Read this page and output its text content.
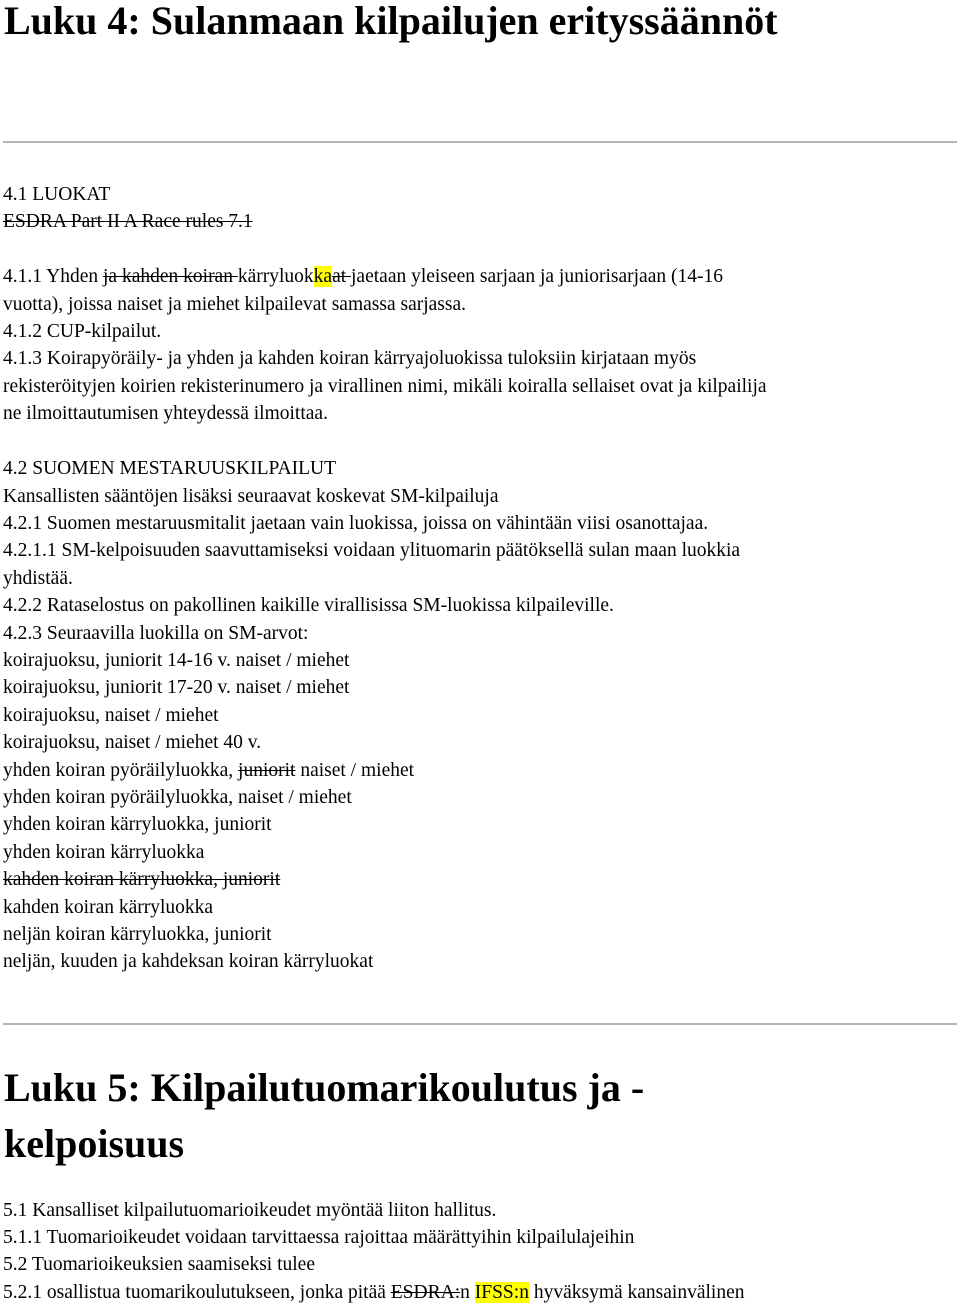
Luku 4: Sulanmaan kilpailujen erityssäännöt
4.1 LUOKAT
ESDRA Part II A Race rules 7.1
4.1.1 Yhden ja kahden koiran kärryluokkaat jaetaan yleiseen sarjaan ja juniorisarjaan (14-16
vuotta), joissa naiset ja miehet kilpailevat samassa sarjassa.
4.1.2 CUP-kilpailut.
4.1.3 Koirapyöräily- ja yhden ja kahden koiran kärryajoluokissa tuloksiin kirjataan myös
rekisteröityjen koirien rekisterinumero ja virallinen nimi, mikäli koiralla sellaiset ovat ja kilpailija
ne ilmoittautumisen yhteydessä ilmoittaa.
4.2 SUOMEN MESTARUUSKILPAILUT
Kansallisten sääntöjen lisäksi seuraavat koskevat SM-kilpailuja
4.2.1 Suomen mestaruusmitalit jaetaan vain luokissa, joissa on vähintään viisi osanottajaa.
4.2.1.1 SM-kelpoisuuden saavuttamiseksi voidaan ylituomarin päätöksellä sulan maan luokkia
yhdistää.
4.2.2 Rataselostus on pakollinen kaikille virallisissa SM-luokissa kilpaileville.
4.2.3 Seuraavilla luokilla on SM-arvot:
koirajuoksu, juniorit 14-16 v. naiset / miehet
koirajuoksu, juniorit 17-20 v. naiset / miehet
koirajuoksu, naiset / miehet
koirajuoksu, naiset / miehet 40 v.
yhden koiran pyöräilyluokka, juniorit naiset / miehet
yhden koiran pyöräilyluokka, naiset / miehet
yhden koiran kärryluokka, juniorit
yhden koiran kärryluokka
kahden koiran kärryluokka, juniorit
kahden koiran kärryluokka
neljän koiran kärryluokka, juniorit
neljän, kuuden ja kahdeksan koiran kärryluokat
Luku 5: Kilpailutuomarikoulutus ja -
kelpoisuus
5.1 Kansalliset kilpailutuomarioikeudet myöntää liiton hallitus.
5.1.1 Tuomarioikeudet voidaan tarvittaessa rajoittaa määrättyihin kilpailulajeihin
5.2 Tuomarioikeuksien saamiseksi tulee
5.2.1 osallistua tuomarikoulutukseen, jonka pitää ESDRA:n IFSS:n hyväksymä kansainvälinen
